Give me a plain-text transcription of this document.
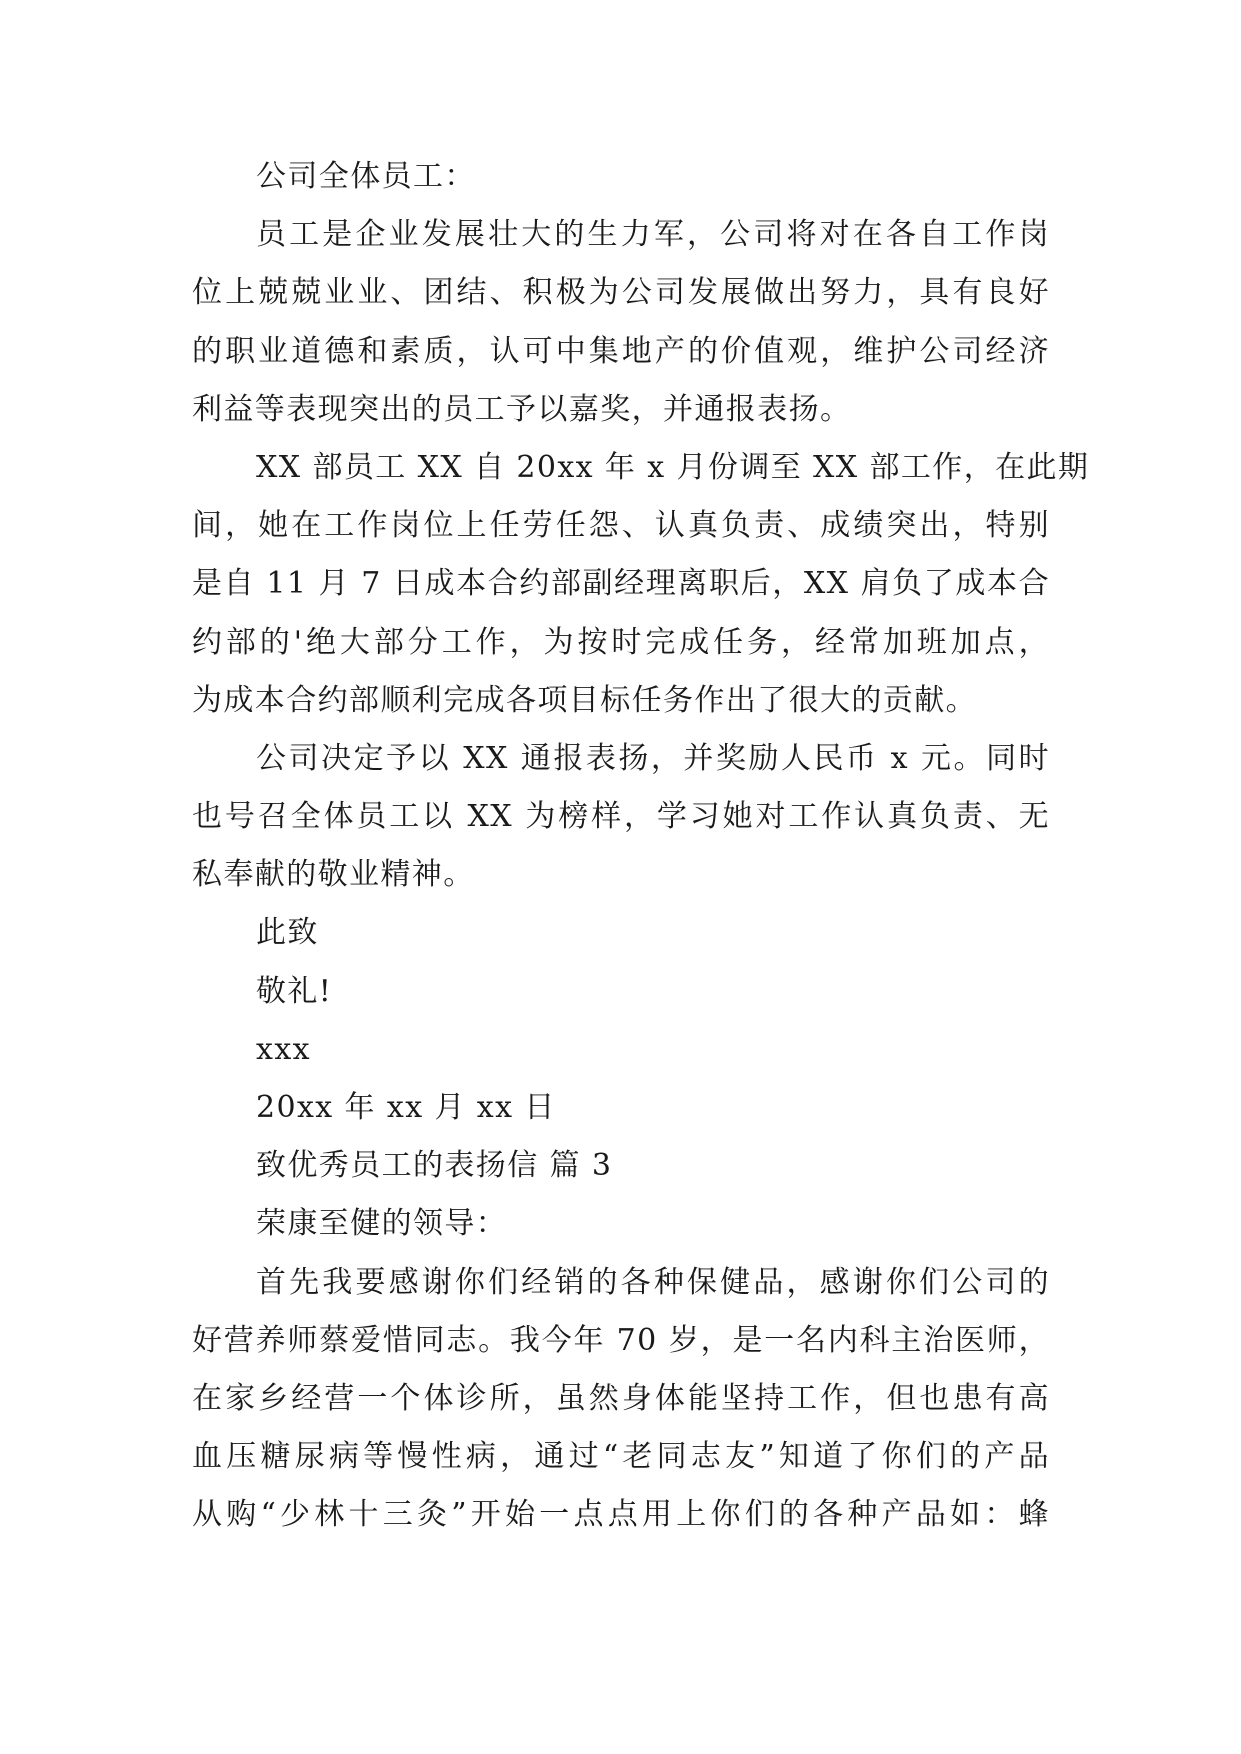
公司全体员工：
员工是企业发展壮大的生力军，公司将对在各自工作岗
位上兢兢业业、团结、积极为公司发展做出努力，具有良好
的职业道德和素质，认可中集地产的价值观，维护公司经济
利益等表现突出的员工予以嘉奖，并通报表扬。
XX 部员工 XX 自 20xx 年 x 月份调至 XX 部工作，在此期
间，她在工作岗位上任劳任怨、认真负责、成绩突出，特别
是自 11 月 7 日成本合约部副经理离职后，XX 肩负了成本合
约部的'绝大部分工作，为按时完成任务，经常加班加点，
为成本合约部顺利完成各项目标任务作出了很大的贡献。
公司决定予以 XX 通报表扬，并奖励人民币 x 元。同时
也号召全体员工以 XX 为榜样，学习她对工作认真负责、无
私奉献的敬业精神。
此致
敬礼!
xxx
20xx 年 xx 月 xx 日
致优秀员工的表扬信 篇 3
荣康至健的领导：
首先我要感谢你们经销的各种保健品，感谢你们公司的
好营养师蔡爱惜同志。我今年 70 岁，是一名内科主治医师，
在家乡经营一个体诊所，虽然身体能坚持工作，但也患有高
血压糖尿病等慢性病，通过“老同志友”知道了你们的产品
从购“少林十三灸”开始一点点用上你们的各种产品如：蜂
